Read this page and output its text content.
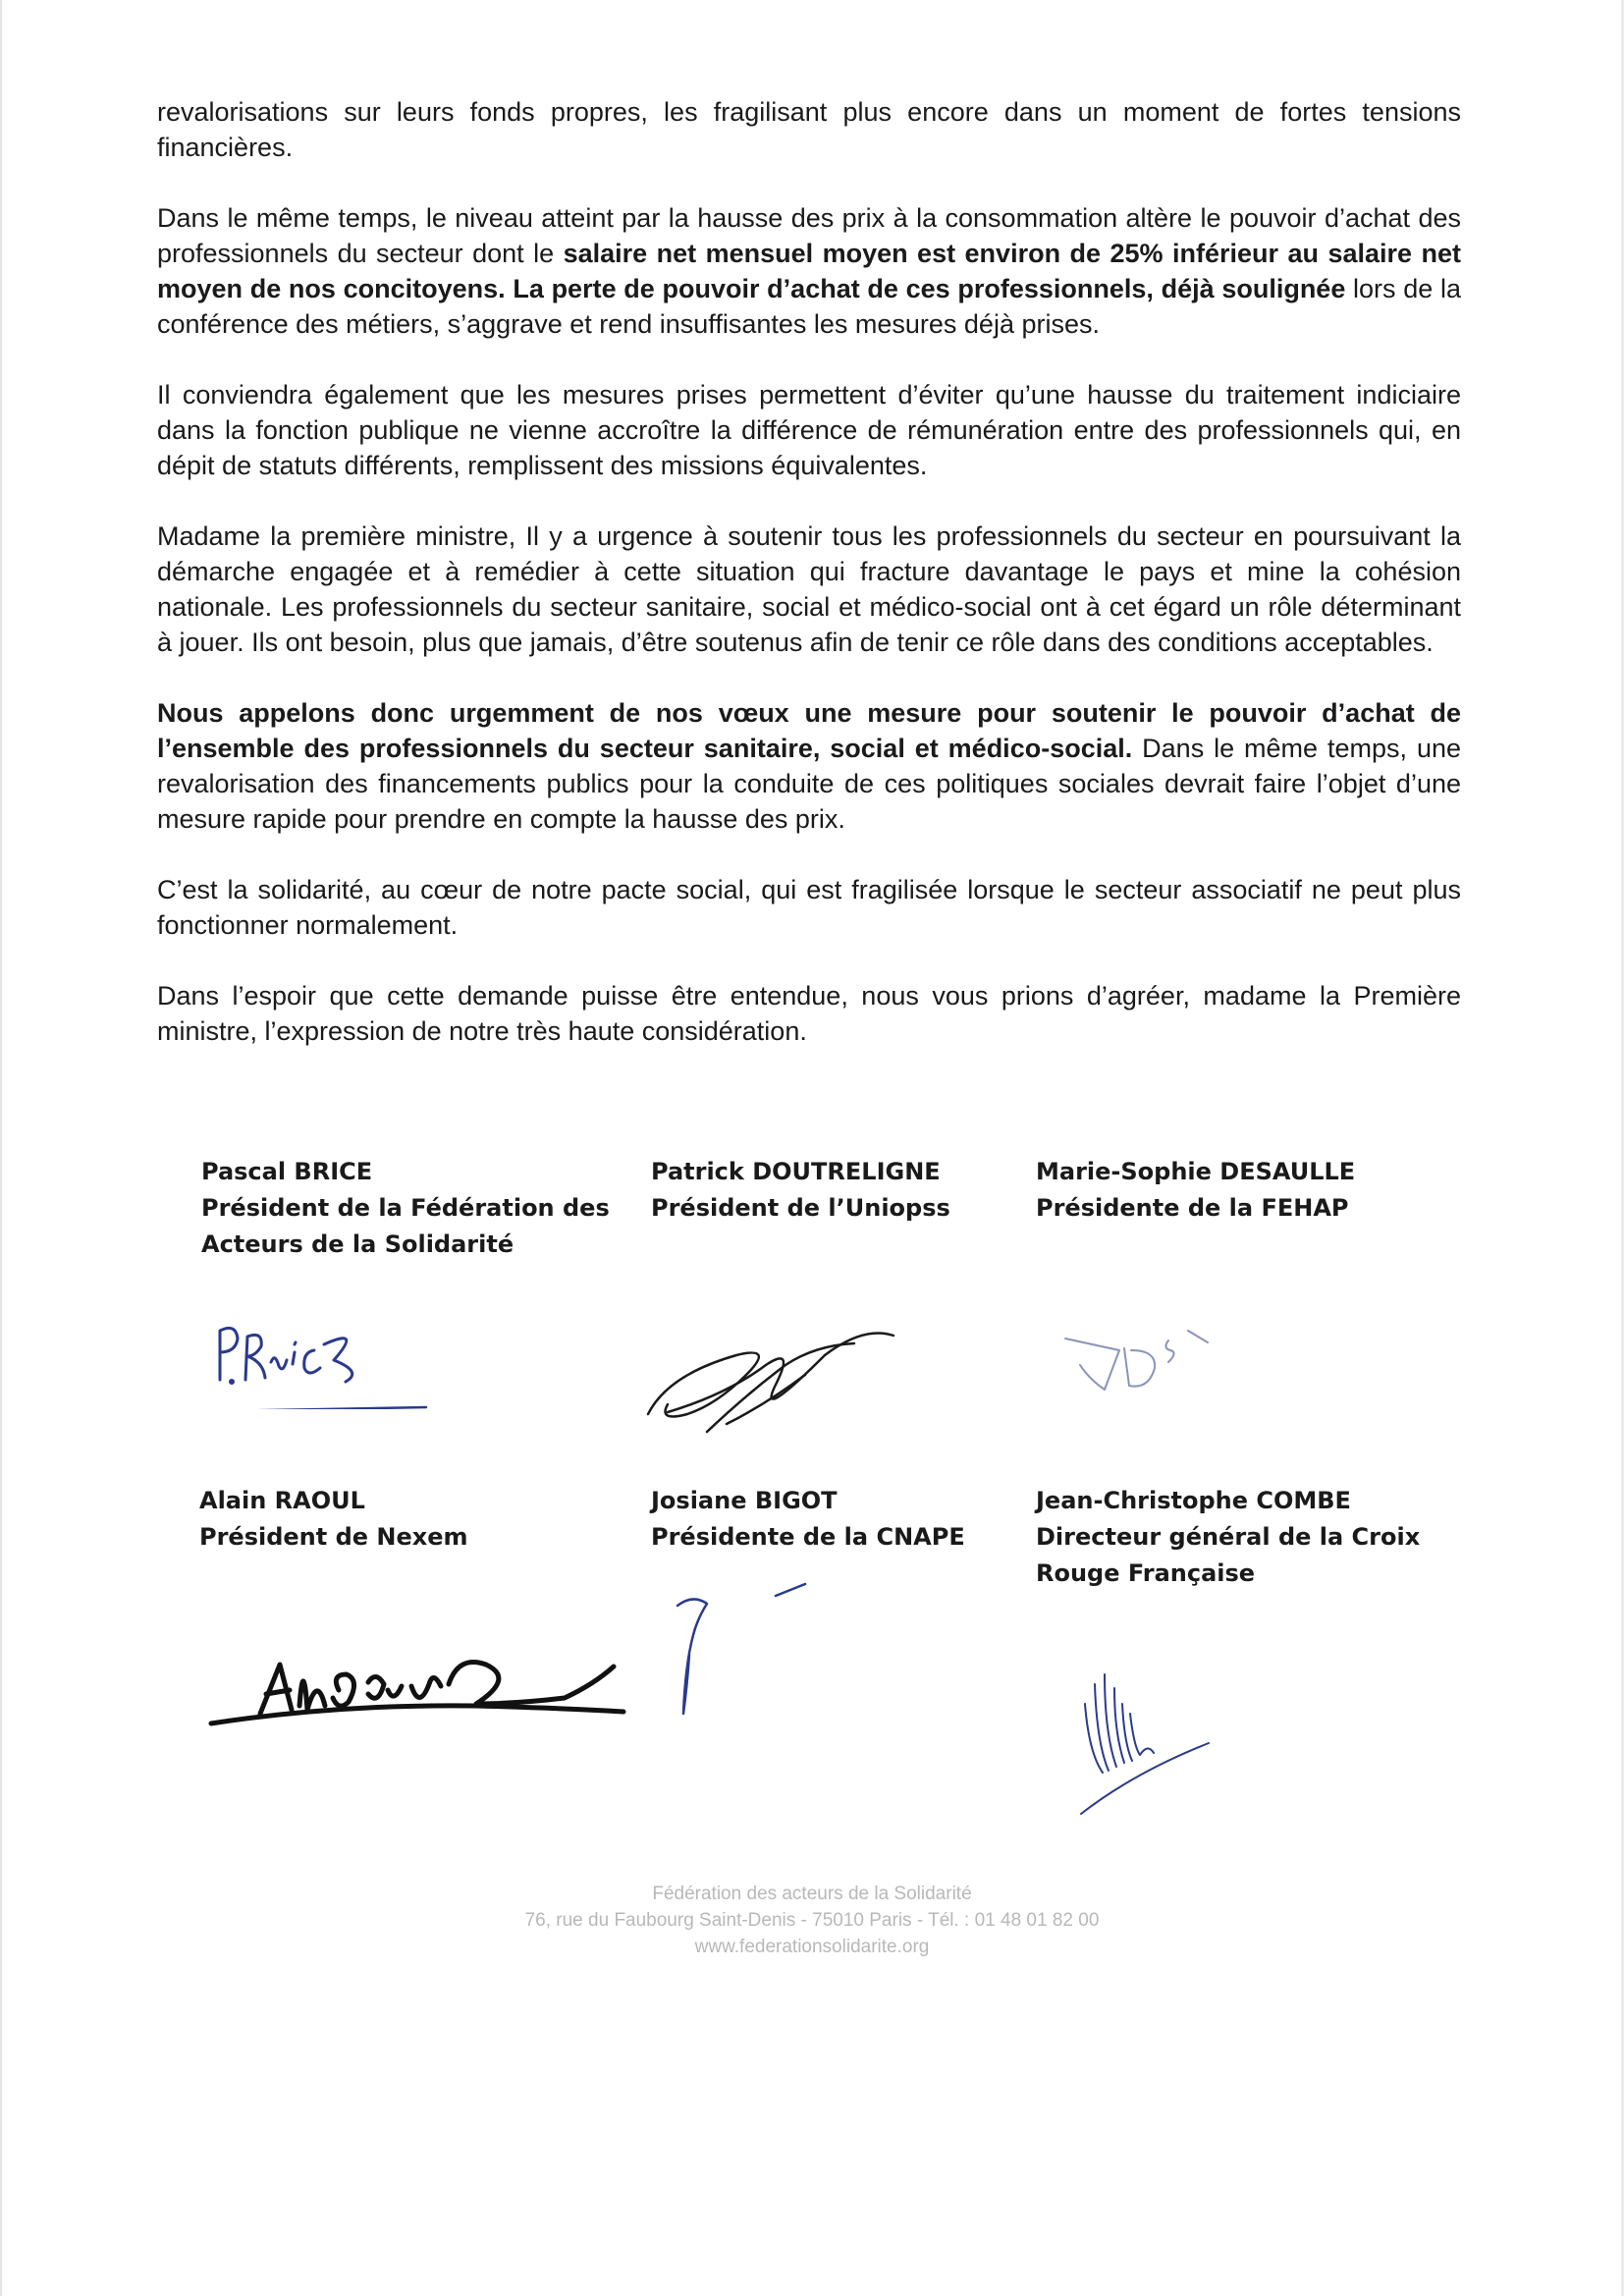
revalorisations sur leurs fonds propres, les fragilisant plus encore dans un moment de fortes tensions financières.

Dans le même temps, le niveau atteint par la hausse des prix à la consommation altère le pouvoir d’achat des professionnels du secteur dont le salaire net mensuel moyen est environ de 25% inférieur au salaire net moyen de nos concitoyens. La perte de pouvoir d’achat de ces professionnels, déjà soulignée lors de la conférence des métiers, s’aggrave et rend insuffisantes les mesures déjà prises.

Il conviendra également que les mesures prises permettent d’éviter qu’une hausse du traitement indiciaire dans la fonction publique ne vienne accroître la différence de rémunération entre des professionnels qui, en dépit de statuts différents, remplissent des missions équivalentes.

Madame la première ministre, Il y a urgence à soutenir tous les professionnels du secteur en poursuivant la démarche engagée et à remédier à cette situation qui fracture davantage le pays et mine la cohésion nationale. Les professionnels du secteur sanitaire, social et médico-social ont à cet égard un rôle déterminant à jouer. Ils ont besoin, plus que jamais, d’être soutenus afin de tenir ce rôle dans des conditions acceptables.

Nous appelons donc urgemment de nos vœux une mesure pour soutenir le pouvoir d’achat de l’ensemble des professionnels du secteur sanitaire, social et médico-social. Dans le même temps, une revalorisation des financements publics pour la conduite de ces politiques sociales devrait faire l’objet d’une mesure rapide pour prendre en compte la hausse des prix.

C’est la solidarité, au cœur de notre pacte social, qui est fragilisée lorsque le secteur associatif ne peut plus fonctionner normalement.

Dans l’espoir que cette demande puisse être entendue, nous vous prions d’agréer, madame la Première ministre, l’expression de notre très haute considération.

Pascal BRICE
Président de la Fédération des
Acteurs de la Solidarité
Patrick DOUTRELIGNE
Président de l’Uniopss
Marie-Sophie DESAULLE
Présidente de la FEHAP
Alain RAOUL
Président de Nexem
Josiane BIGOT
Présidente de la CNAPE
Jean-Christophe COMBE
Directeur général de la Croix
Rouge Française
Fédération des acteurs de la Solidarité
76, rue du Faubourg Saint-Denis - 75010 Paris - Tél. : 01 48 01 82 00
www.federationsolidarite.org
